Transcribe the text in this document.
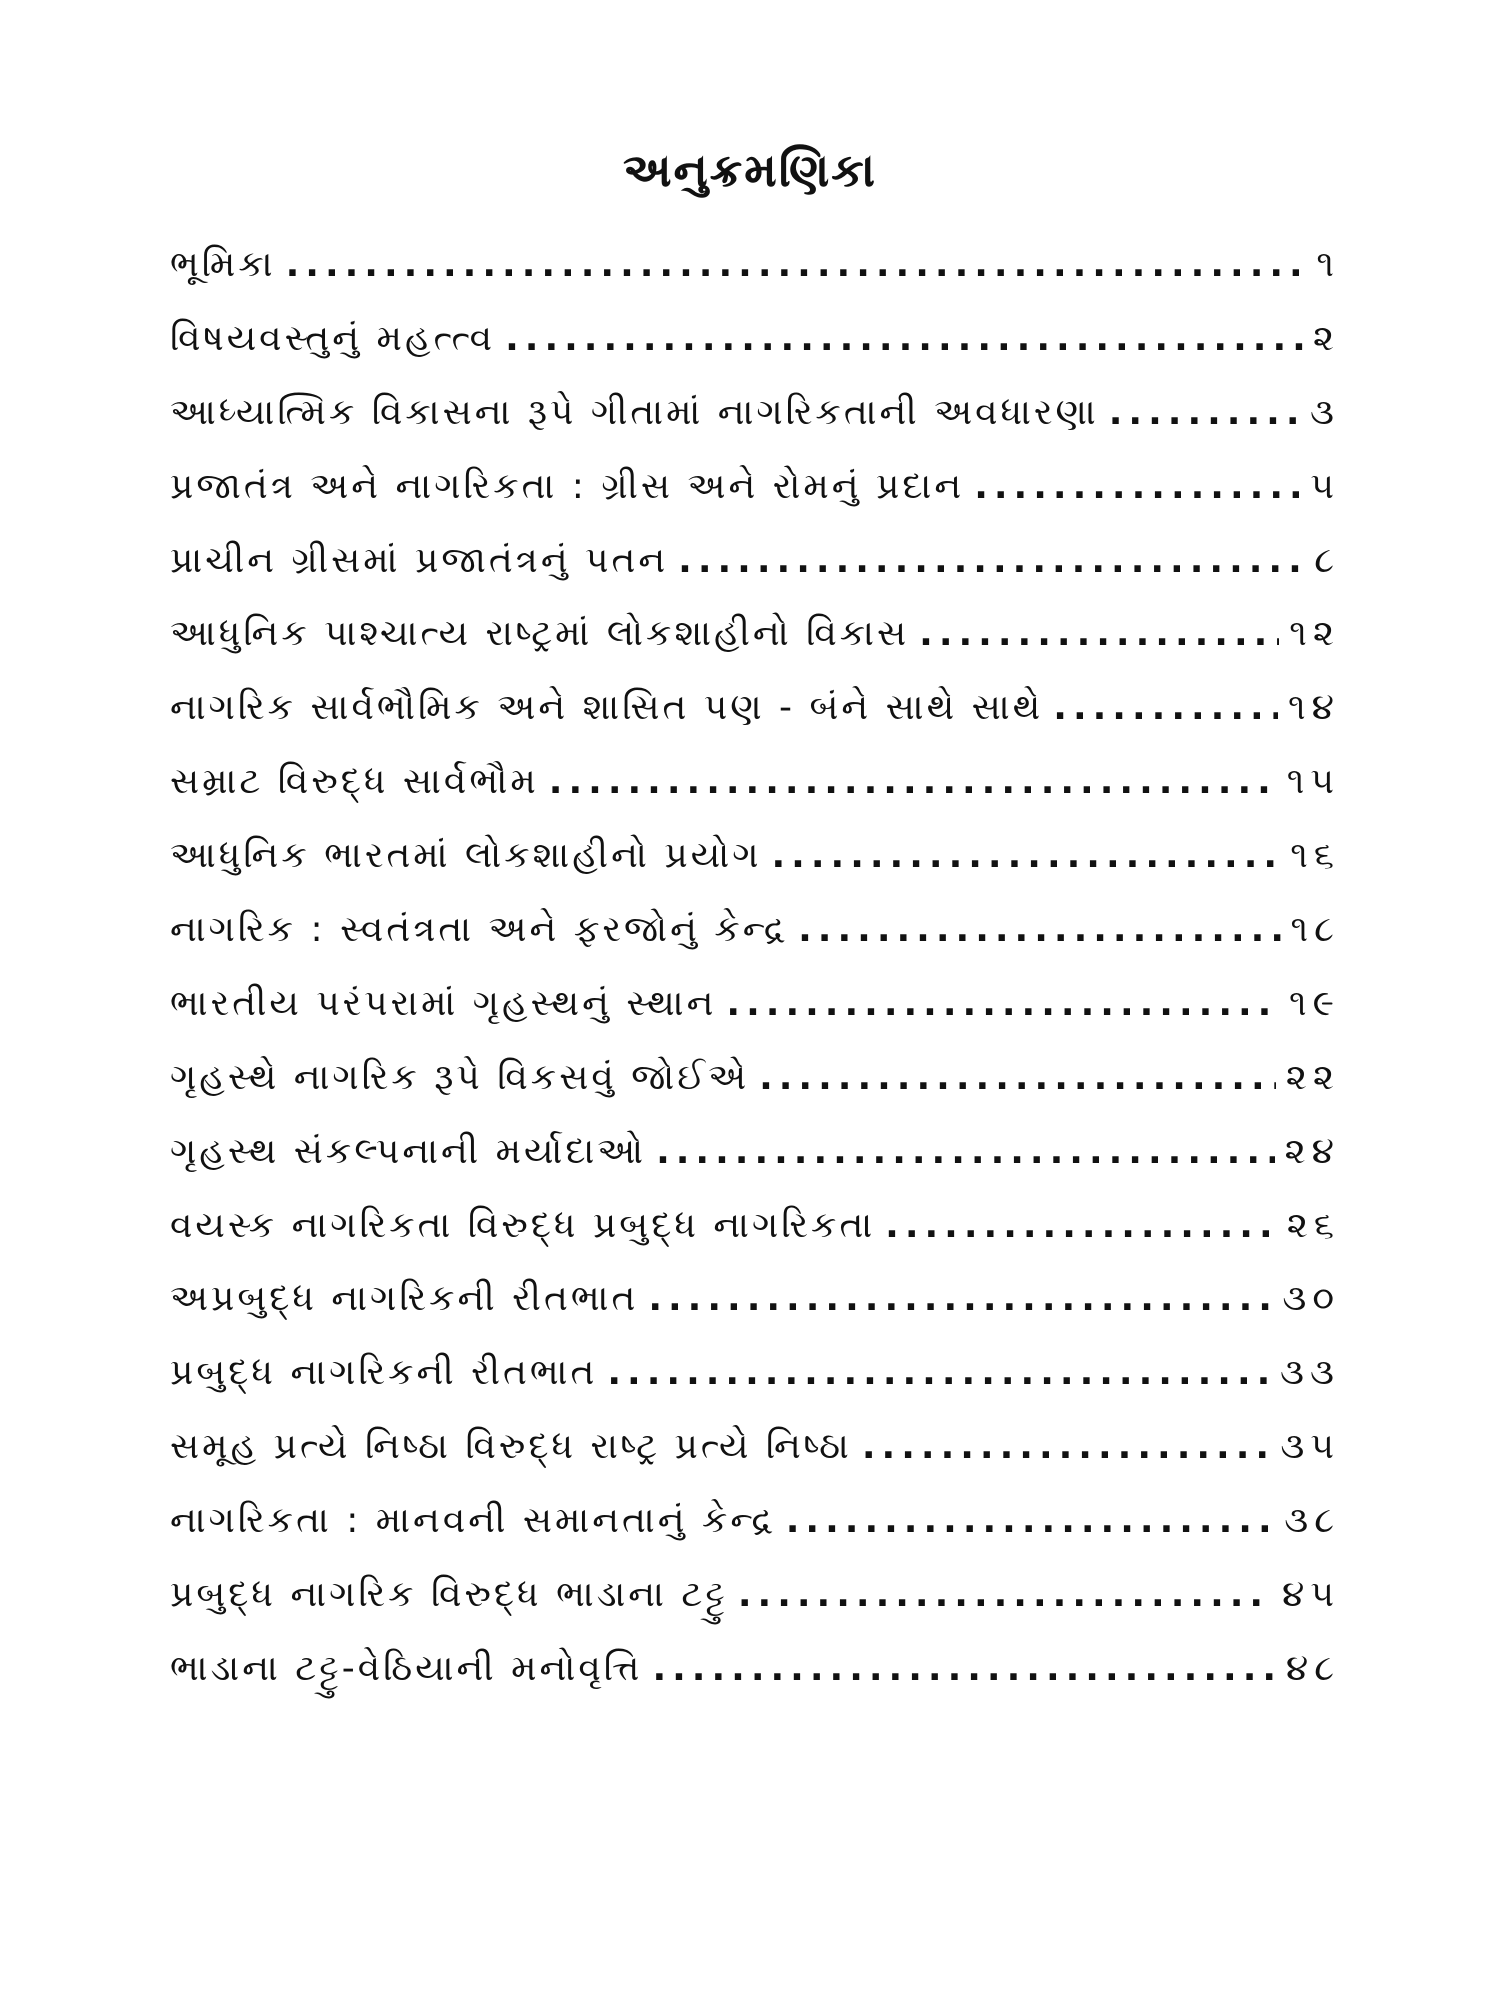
અનુક્રમણિકા
ભૂમિકા .....	૧
વિષયવસ્તુનું મહત્ત્વ .....	૨
આધ્યાત્મિક વિકાસના રૂપે ગીતામાં નાગરિકતાની અવધારણા .....	૩
પ્રજાતંત્ર અને નાગરિકતા : ગ્રીસ અને રોમનું પ્રદાન .....	૫
પ્રાચીન ગ્રીસમાં પ્રજાતંત્રનું પતન .....	૮
આધુનિક પાશ્ચાત્ય રાષ્ટ્રમાં લોકશાહીનો વિકાસ .....	૧૨
નાગરિક સાર્વભૌમિક અને શાસિત પણ - બંને સાથે સાથે .....	૧૪
સમ્રાટ વિરુદ્ધ સાર્વભૌમ .....	૧૫
આધુનિક ભારતમાં લોકશાહીનો પ્રયોગ .....	૧૬
નાગરિક : સ્વતંત્રતા અને ફરજોનું કેન્દ્ર .....	૧૮
ભારતીય પરંપરામાં ગૃહસ્થનું સ્થાન .....	૧૯
ગૃહસ્થે નાગરિક રૂપે વિકસવું જોઈએ .....	૨૨
ગૃહસ્થ સંકલ્પનાની મર્યાદાઓ .....	૨૪
વયસ્ક નાગરિકતા વિરુદ્ધ પ્રબુદ્ધ નાગરિકતા .....	૨૬
અપ્રબુદ્ધ નાગરિકની રીતભાત .....	૩૦
પ્રબુદ્ધ નાગરિકની રીતભાત .....	૩૩
સમૂહ પ્રત્યે નિષ્ઠા વિરુદ્ધ રાષ્ટ્ર પ્રત્યે નિષ્ઠા .....	૩૫
નાગરિકતા : માનવની સમાનતાનું કેન્દ્ર .....	૩૮
પ્રબુદ્ધ નાગરિક વિરુદ્ધ ભાડાના ટટ્ટુ .....	૪૫
ભાડાના ટટ્ટુ-વેઠિયાની મનોવૃત્તિ .....	૪૮
